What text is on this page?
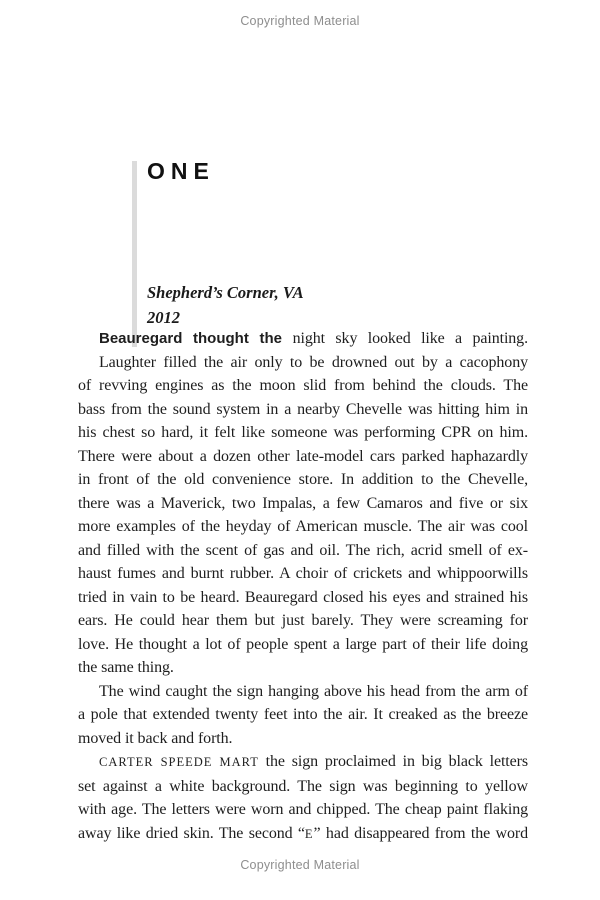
Copyrighted Material
ONE
Shepherd’s Corner, VA
2012
Beauregard thought the night sky looked like a painting.
Laughter filled the air only to be drowned out by a cacophony
of revving engines as the moon slid from behind the clouds. The
bass from the sound system in a nearby Chevelle was hitting him in
his chest so hard, it felt like someone was performing CPR on him.
There were about a dozen other late-model cars parked haphazardly
in front of the old convenience store. In addition to the Chevelle,
there was a Maverick, two Impalas, a few Camaros and five or six
more examples of the heyday of American muscle. The air was cool
and filled with the scent of gas and oil. The rich, acrid smell of ex-
haust fumes and burnt rubber. A choir of crickets and whippoorwills
tried in vain to be heard. Beauregard closed his eyes and strained his
ears. He could hear them but just barely. They were screaming for
love. He thought a lot of people spent a large part of their life doing
the same thing.
The wind caught the sign hanging above his head from the arm of
a pole that extended twenty feet into the air. It creaked as the breeze
moved it back and forth.
CARTER SPEEDE MART the sign proclaimed in big black letters
set against a white background. The sign was beginning to yellow
with age. The letters were worn and chipped. The cheap paint flaking
away like dried skin. The second “E” had disappeared from the word
Copyrighted Material
